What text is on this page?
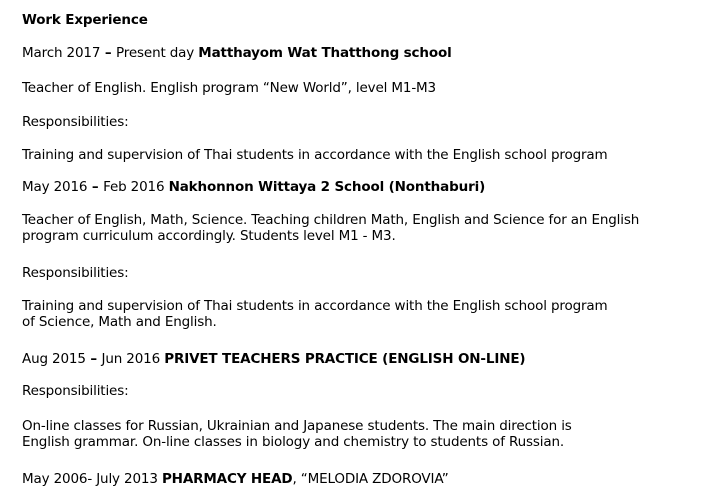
Work Experience
March 2017 – Present day Matthayom Wat Thatthong school
Teacher of English. English program “New World”, level M1-M3
Responsibilities:
Training and supervision of Thai students in accordance with the English school program
May 2016 – Feb 2016 Nakhonnon Wittaya 2 School (Nonthaburi)
Teacher of English, Math, Science. Teaching children Math, English and Science for an English
program curriculum accordingly. Students level M1 - M3.
Responsibilities:
Training and supervision of Thai students in accordance with the English school program
of Science, Math and English.
Aug 2015 – Jun 2016 PRIVET TEACHERS PRACTICE (ENGLISH ON-LINE)
Responsibilities:
On-line classes for Russian, Ukrainian and Japanese students. The main direction is
English grammar. On-line classes in biology and chemistry to students of Russian.
May 2006- July 2013 PHARMACY HEAD, “MELODIA ZDOROVIA”
